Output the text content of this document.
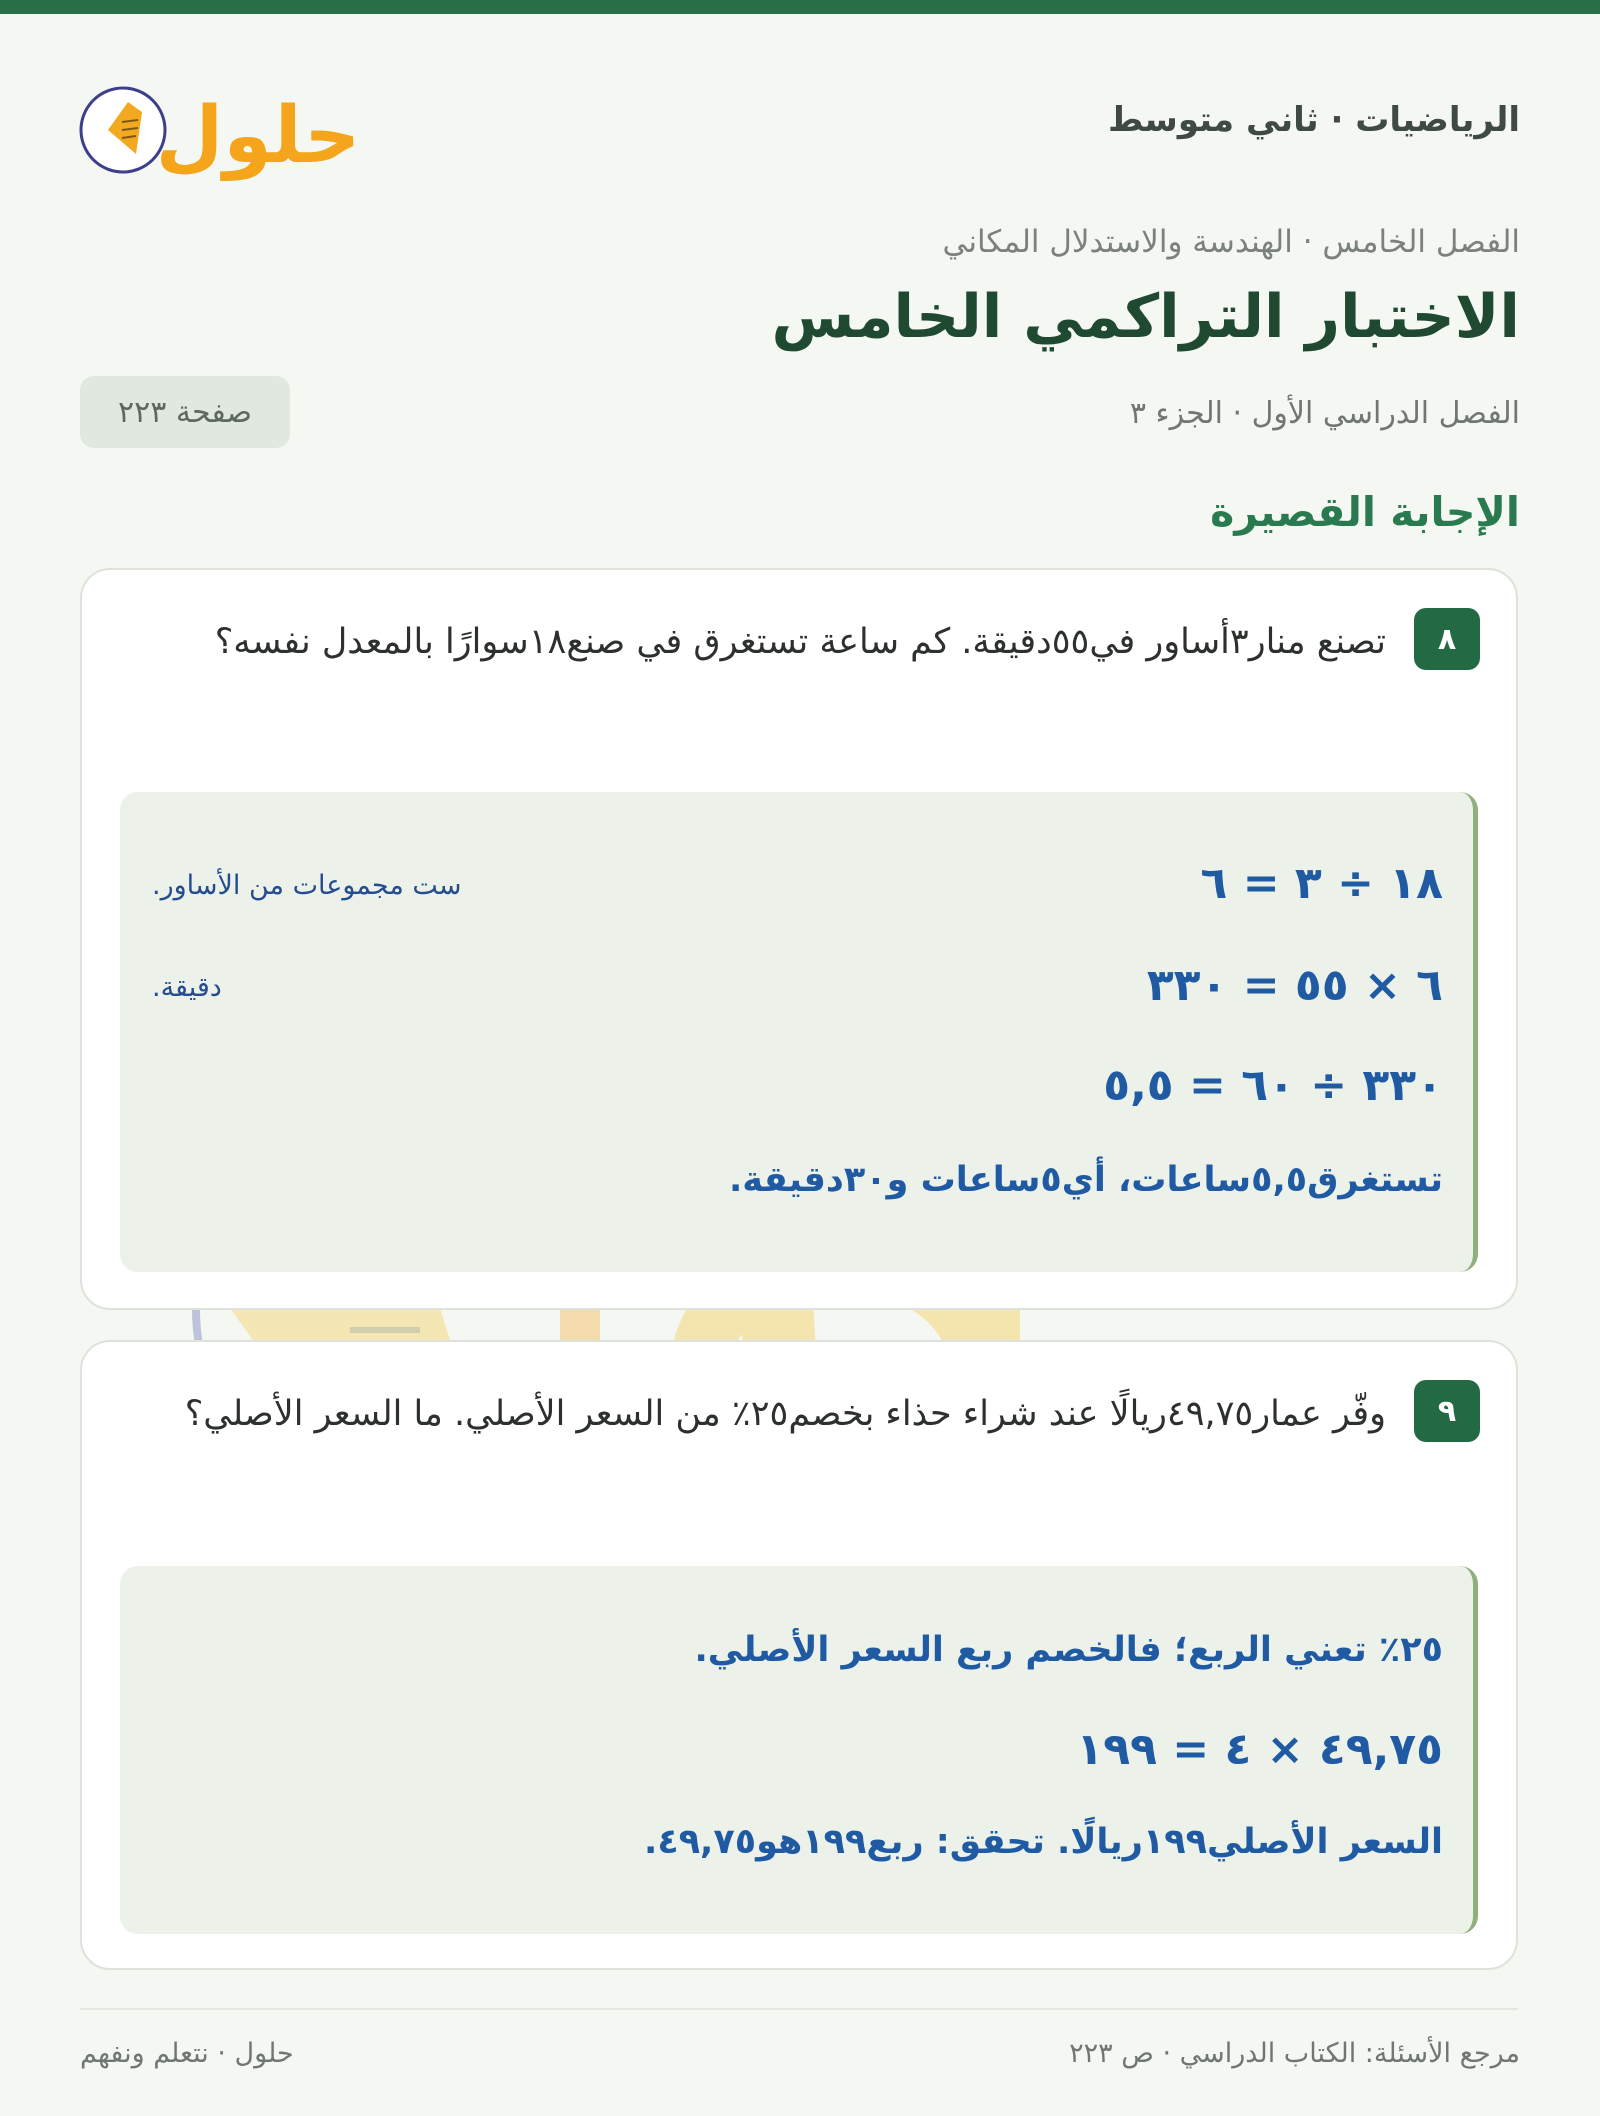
الرياضيات · ثاني متوسط
حلول
الفصل الخامس · الهندسة والاستدلال المكاني
الاختبار التراكمي الخامس
الفصل الدراسي الأول · الجزء ٣
صفحة ٢٢٣
الإجابة القصيرة
٨

تصنع منار٣أساور في٥٥دقيقة. كم ساعة تستغرق في صنع١٨سوارًا بالمعدل نفسه؟

١٨ ÷ ٣ = ٦
ست مجموعات من الأساور.
٦ × ٥٥ = ٣٣٠
دقيقة.
٣٣٠ ÷ ٦٠ = ٥,٥
تستغرق٥,٥ساعات، أي٥ساعات و٣٠دقيقة.
٩

وفّر عمار٤٩,٧٥ريالًا عند شراء حذاء بخصم٢٥٪ من السعر الأصلي. ما السعر الأصلي؟

٢٥٪ تعني الربع؛ فالخصم ربع السعر الأصلي.
٤٩,٧٥ × ٤ = ١٩٩
السعر الأصلي١٩٩ريالًا. تحقق: ربع١٩٩هو٤٩,٧٥.
مرجع الأسئلة: الكتاب الدراسي · ص ٢٢٣
حلول · نتعلم ونفهم
